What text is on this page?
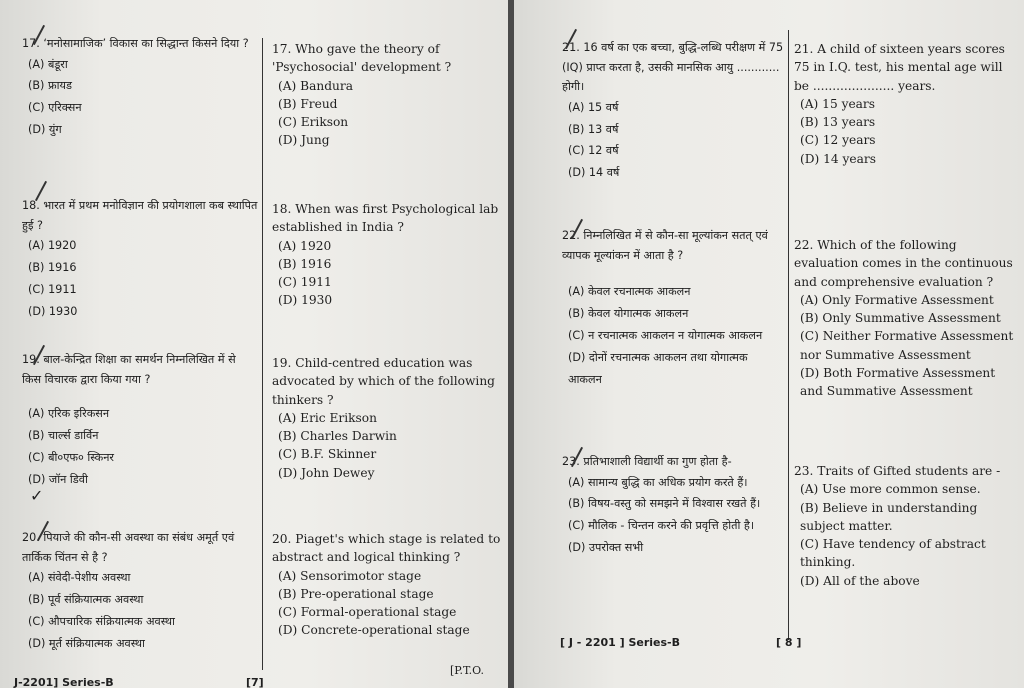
17. ‘मनोसामाजिक’ विकास का सिद्धान्त किसने दिया ?
(A) बंडूरा
(B) फ्रायड
(C) एरिक्सन
(D) युंग
17. Who gave the theory of 'Psychosocial' development ?
(A) Bandura
(B) Freud
(C) Erikson
(D) Jung
18. भारत में प्रथम मनोविज्ञान की प्रयोगशाला कब स्थापित हुई ?
(A) 1920
(B) 1916
(C) 1911
(D) 1930
18. When was first Psychological lab established in India ?
(A) 1920
(B) 1916
(C) 1911
(D) 1930
19. बाल-केन्द्रित शिक्षा का समर्थन निम्नलिखित में से किस विचारक द्वारा किया गया ?
(A) एरिक इरिकसन
(B) चार्ल्स डार्विन
(C) बी०एफ० स्किनर
(D) जॉन डिवी
19. Child-centred education was advocated by which of the following thinkers ?
(A) Eric Erikson
(B) Charles Darwin
(C) B.F. Skinner
(D) John Dewey
20. पियाजे की कौन-सी अवस्था का संबंध अमूर्त एवं तार्किक चिंतन से है ?
(A) संवेदी-पेशीय अवस्था
(B) पूर्व संक्रियात्मक अवस्था
(C) औपचारिक संक्रियात्मक अवस्था
(D) मूर्त संक्रियात्मक अवस्था
20. Piaget's which stage is related to abstract and logical thinking ?
(A) Sensorimotor stage
(B) Pre-operational stage
(C) Formal-operational stage
(D) Concrete-operational stage
✓
J-2201] Series-B	[7]
[P.T.O.
21. 16 वर्ष का एक बच्चा, बुद्धि-लब्धि परीक्षण में 75 (IQ) प्राप्त करता है, उसकी मानसिक आयु ............ होगी।
(A) 15 वर्ष
(B) 13 वर्ष
(C) 12 वर्ष
(D) 14 वर्ष
21. A child of sixteen years scores 75 in I.Q. test, his mental age will be ..................... years.
(A) 15 years
(B) 13 years
(C) 12 years
(D) 14 years
22. निम्नलिखित में से कौन-सा मूल्यांकन सतत् एवं व्यापक मूल्यांकन में आता है ?
(A) केवल रचनात्मक आकलन
(B) केवल योगात्मक आकलन
(C) न रचनात्मक आकलन न योगात्मक आकलन
(D) दोनों रचनात्मक आकलन तथा योगात्मक आकलन
22. Which of the following evaluation comes in the continuous and comprehensive evaluation ?
(A) Only Formative Assessment
(B) Only Summative Assessment
(C) Neither Formative Assessment nor Summative Assessment
(D) Both Formative Assessment and Summative Assessment
23. प्रतिभाशाली विद्यार्थी का गुण होता है-
(A) सामान्य बुद्धि का अधिक प्रयोग करते हैं।
(B) विषय-वस्तु को समझने में विश्वास रखते हैं।
(C) मौलिक - चिन्तन करने की प्रवृत्ति होती है।
(D) उपरोक्त सभी
23. Traits of Gifted students are -
(A) Use more common sense.
(B) Believe in understanding subject matter.
(C) Have tendency of abstract thinking.
(D) All of the above
[ J - 2201 ] Series-B	[ 8 ]
